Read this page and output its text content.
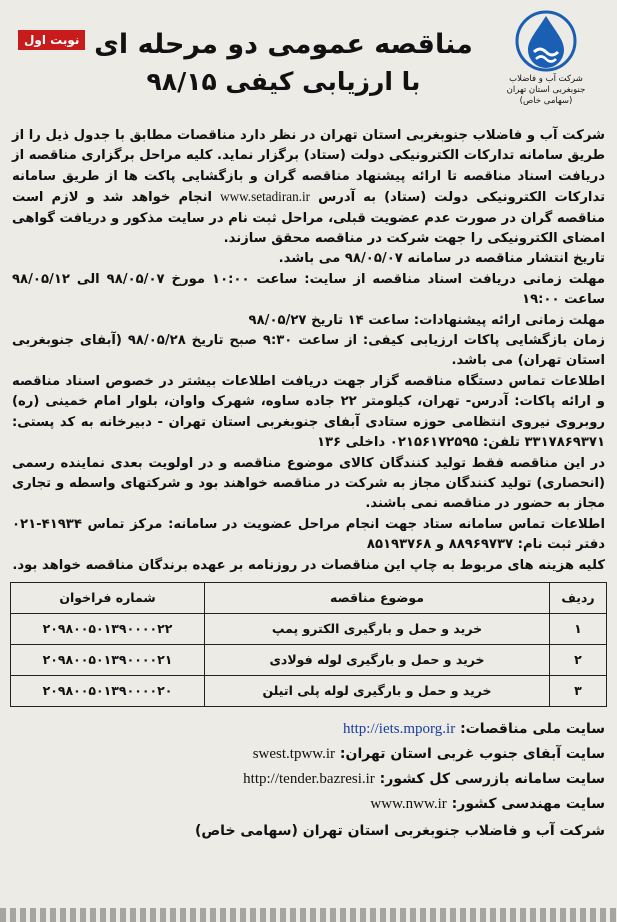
نوبت اول مناقصه عمومی دو مرحله ای
با ارزیابی کیفی ۹۸/۱۵	شرکت آب و فاضلاب
جنوبغربی استان تهران
(سهامی خاص)

شرکت آب و فاضلاب جنوبغربی استان تهران در نظر دارد مناقصات مطابق با جدول ذیل را از طریق سامانه تدارکات الکترونیکی دولت (ستاد) برگزار نماید. کلیه مراحل برگزاری مناقصه از دریافت اسناد مناقصه تا ارائه پیشنهاد مناقصه گران و بازگشایی پاکت ها از طریق سامانه تدارکات الکترونیکی دولت (ستاد) به آدرس www.setadiran.ir انجام خواهد شد و لازم است مناقصه گران در صورت عدم عضویت قبلی، مراحل ثبت نام در سایت مذکور و دریافت گواهی امضای الکترونیکی را جهت شرکت در مناقصه محقق سازند.

تاریخ انتشار مناقصه در سامانه ۹۸/۰۵/۰۷ می باشد.

مهلت زمانی دریافت اسناد مناقصه از سایت: ساعت ۱۰:۰۰ مورخ ۹۸/۰۵/۰۷ الی ۹۸/۰۵/۱۲ ساعت ۱۹:۰۰

مهلت زمانی ارائه پیشنهادات: ساعت ۱۴ تاریخ ۹۸/۰۵/۲۷

زمان بازگشایی پاکات ارزیابی کیفی: از ساعت ۹:۳۰ صبح تاریخ ۹۸/۰۵/۲۸ (آبفای جنوبغربی استان تهران) می باشد.

اطلاعات تماس دستگاه مناقصه گزار جهت دریافت اطلاعات بیشتر در خصوص اسناد مناقصه و ارائه پاکات: آدرس- تهران، کیلومتر ۲۲ جاده ساوه، شهرک واوان، بلوار امام خمینی (ره) روبروی نیروی انتظامی حوزه ستادی آبفای جنوبغربی استان تهران - دبیرخانه به کد پستی: ۳۳۱۷۸۶۹۳۷۱ تلفن: ۰۲۱۵۶۱۷۲۵۹۵ داخلی ۱۳۶

در این مناقصه فقط تولید کنندگان کالای موضوع مناقصه و در اولویت بعدی نماینده رسمی (انحصاری) تولید کنندگان مجاز به شرکت در مناقصه خواهند بود و شرکتهای واسطه و تجاری مجاز به حضور در مناقصه نمی باشند.

اطلاعات تماس سامانه ستاد جهت انجام مراحل عضویت در سامانه: مرکز تماس ۴۱۹۳۴-۰۲۱ دفتر ثبت نام: ۸۸۹۶۹۷۳۷ و ۸۵۱۹۳۷۶۸

کلیه هزینه های مربوط به چاپ این مناقصات در روزنامه بر عهده برندگان مناقصه خواهد بود.

ردیف	موضوع مناقصه	شماره فراخوان
۱	خرید و حمل و بارگیری الکترو پمپ	۲۰۹۸۰۰۵۰۱۳۹۰۰۰۰۲۲
۲	خرید و حمل و بارگیری لوله فولادی	۲۰۹۸۰۰۵۰۱۳۹۰۰۰۰۲۱
۳	خرید و حمل و بارگیری لوله پلی اتیلن	۲۰۹۸۰۰۵۰۱۳۹۰۰۰۰۲۰
سایت ملی مناقصات: http://iets.mporg.ir
سایت آبفای جنوب غربی استان تهران: swest.tpww.ir
سایت سامانه بازرسی کل کشور: http://tender.bazresi.ir
سایت مهندسی کشور: www.nww.ir
شرکت آب و فاضلاب جنوبغربی استان تهران (سهامی خاص)
